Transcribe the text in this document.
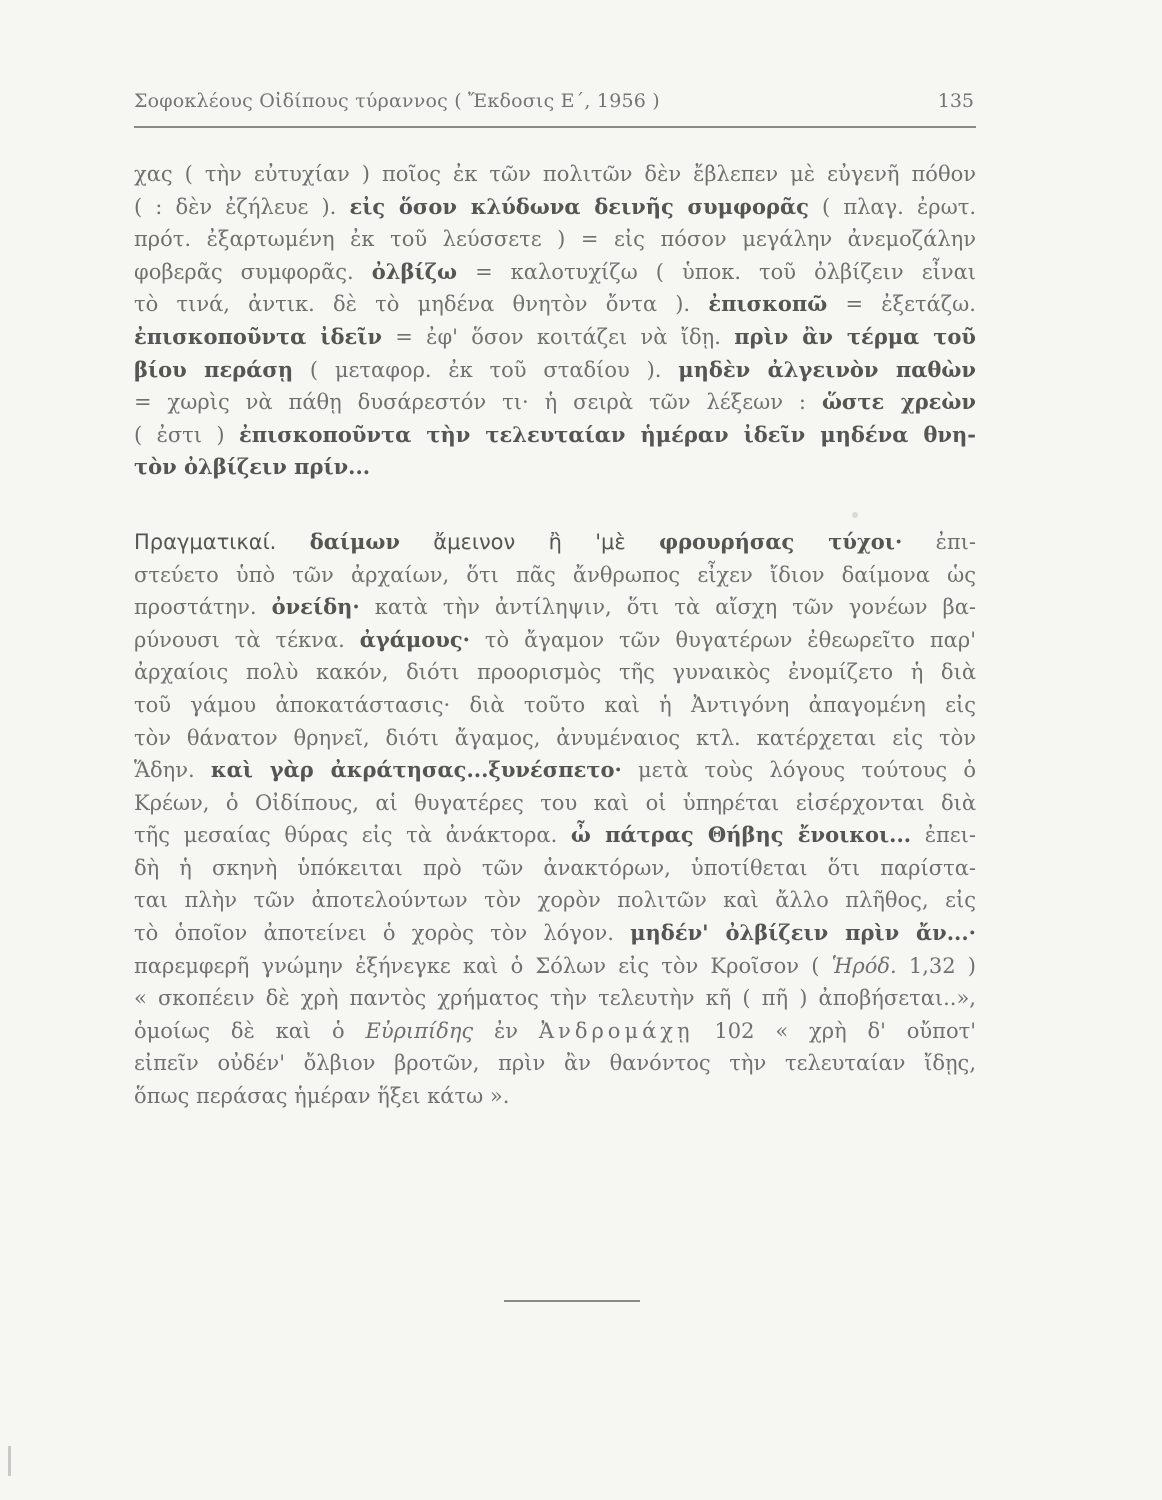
Σοφοκλέους Οἰδίπους τύραννος ( Ἔκδοσις Ε΄, 1956 )	135
χας ( τὴν εὐτυχίαν ) ποῖος ἐκ τῶν πολιτῶν δὲν ἔβλεπεν μὲ εὐγενῆ πόθον
( : δὲν ἐζήλευε ). εἰς ὅσον κλύδωνα δεινῆς συμφορᾶς ( πλαγ. ἐρωτ.
πρότ. ἐξαρτωμένη ἐκ τοῦ λεύσσετε ) = εἰς πόσον μεγάλην ἀνεμοζάλην
φοβερᾶς συμφορᾶς. ὀλβίζω = καλοτυχίζω ( ὑποκ. τοῦ ὀλβίζειν εἶναι
τὸ τινά, ἀντικ. δὲ τὸ μηδένα θνητὸν ὄντα ). ἐπισκοπῶ = ἐξετάζω.
ἐπισκοποῦντα ἰδεῖν = ἐφ' ὅσον κοιτάζει νὰ ἴδῃ. πρὶν ἂν τέρμα τοῦ
βίου περάσῃ ( μεταφορ. ἐκ τοῦ σταδίου ). μηδὲν ἀλγεινὸν παθὼν
= χωρὶς νὰ πάθῃ δυσάρεστόν τι· ἡ σειρὰ τῶν λέξεων : ὥστε χρεὼν
( ἐστι ) ἐπισκοποῦντα τὴν τελευταίαν ἡμέραν ἰδεῖν μηδένα θνη-
τὸν ὀλβίζειν πρίν...
Πραγματικαί. δαίμων ἄμεινον ἢ 'μὲ φρουρήσας τύχοι· ἐπι-
στεύετο ὑπὸ τῶν ἀρχαίων, ὅτι πᾶς ἄνθρωπος εἶχεν ἴδιον δαίμονα ὡς
προστάτην. ὀνείδη· κατὰ τὴν ἀντίληψιν, ὅτι τὰ αἴσχη τῶν γονέων βα-
ρύνουσι τὰ τέκνα. ἀγάμους· τὸ ἄγαμον τῶν θυγατέρων ἐθεωρεῖτο παρ'
ἀρχαίοις πολὺ κακόν, διότι προορισμὸς τῆς γυναικὸς ἐνομίζετο ἡ διὰ
τοῦ γάμου ἀποκατάστασις· διὰ τοῦτο καὶ ἡ Ἀντιγόνη ἀπαγομένη εἰς
τὸν θάνατον θρηνεῖ, διότι ἄγαμος, ἀνυμέναιος κτλ. κατέρχεται εἰς τὸν
Ἅδην. καὶ γὰρ ἀκράτησας...ξυνέσπετο· μετὰ τοὺς λόγους τούτους ὁ
Κρέων, ὁ Οἰδίπους, αἱ θυγατέρες του καὶ οἱ ὑπηρέται εἰσέρχονται διὰ
τῆς μεσαίας θύρας εἰς τὰ ἀνάκτορα. ὦ πάτρας Θήβης ἔνοικοι... ἐπει-
δὴ ἡ σκηνὴ ὑπόκειται πρὸ τῶν ἀνακτόρων, ὑποτίθεται ὅτι παρίστα-
ται πλὴν τῶν ἀποτελούντων τὸν χορὸν πολιτῶν καὶ ἄλλο πλῆθος, εἰς
τὸ ὁποῖον ἀποτείνει ὁ χορὸς τὸν λόγον. μηδέν' ὀλβίζειν πρὶν ἄν...·
παρεμφερῆ γνώμην ἐξήνεγκε καὶ ὁ Σόλων εἰς τὸν Κροῖσον ( Ἡρόδ. 1,32 )
« σκοπέειν δὲ χρὴ παντὸς χρήματος τὴν τελευτὴν κῆ ( πῆ ) ἀποβήσεται..»,
ὁμοίως δὲ καὶ ὁ Εὐριπίδης ἐν Ἀνδρομάχῃ 102 « χρὴ δ' οὔποτ'
εἰπεῖν οὐδέν' ὄλβιον βροτῶν, πρὶν ἂν θανόντος τὴν τελευταίαν ἴδῃς,
ὅπως περάσας ἡμέραν ἥξει κάτω ».
